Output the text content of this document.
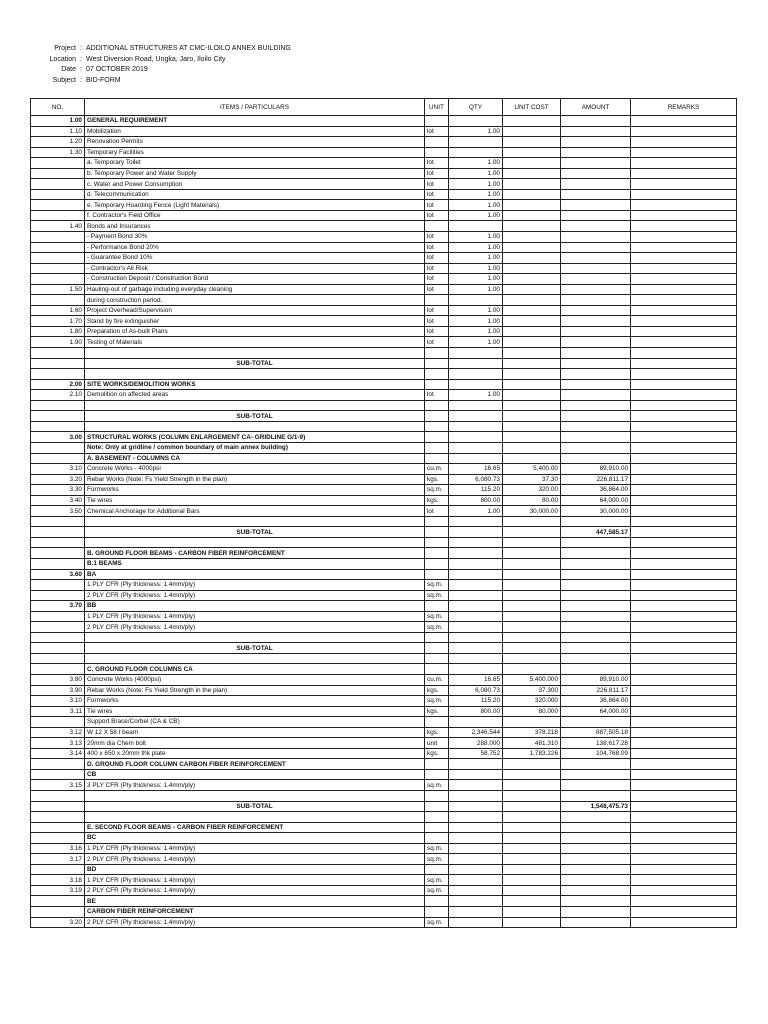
Project : ADDITIONAL STRUCTURES AT CMC-ILOILO ANNEX BUILDING
Location : West Diversion Road, Ungka, Jaro, Iloilo City
Date : 07 OCTOBER 2019
Subject : BID-FORM
NO.	ITEMS / PARTICULARS	UNIT	QTY	UNIT COST	AMOUNT	REMARKS
1.00	GENERAL REQUIREMENT					
1.10	Mobilization	lot	1.00			
1.20	Renovation Permits					
1.30	Temporary Facilities					
	a. Temporary Toilet	lot	1.00			
	b. Temporary Power and Water Supply	lot	1.00			
	c. Water and Power Consumption	lot	1.00			
	d. Telecommunication	lot	1.00			
	e. Temporary Hoarding Fence (Light Materials)	lot	1.00			
	f. Contractor's Field Office	lot	1.00			
1.40	Bonds and Insurances					
	- Payment Bond 30%	lot	1.00			
	- Performance Bond 20%	lot	1.00			
	- Guarantee Bond 10%	lot	1.00			
	- Contractor's All Risk	lot	1.00			
	- Construction Deposit / Construction Bond	lot	1.00			
1.50	Hauling-out of garbage including everyday cleaning	lot	1.00			
	during construction period.					
1.60	Project Overhead/Supervision	lot	1.00			
1.70	Stand by fire extinguisher	lot	1.00			
1.80	Preparation of As-built Plans	lot	1.00			
1.90	Testing of Materials	lot	1.00			

	SUB-TOTAL					

2.00	SITE WORKS/DEMOLITION WORKS					
2.10	Demolition on affected areas	lot	1.00			

	SUB-TOTAL					

3.00	STRUCTURAL WORKS (COLUMN ENLARGEMENT CA- GRIDLINE G/1-9)					
	Note: Only at gridline / common boundary of main annex building)					
	A. BASEMENT - COLUMNS CA					
3.10	Concrete Works - 4000psi	cu.m.	16.65	5,400.00	89,910.00	
3.20	Rebar Works (Note: Fs Yield Strength in the plan)	kgs.	6,080.73	37.30	226,811.17	
3.30	Formworks	sq.m.	115.20	320.00	36,864.00	
3.40	Tie wires	kgs.	800.00	80.00	64,000.00	
3.50	Chemical Anchorage for Additional Bars	lot	1.00	30,000.00	30,000.00	

	SUB-TOTAL				447,585.17	

	B. GROUND FLOOR BEAMS - CARBON FIBER REINFORCEMENT					
	B.1 BEAMS					
3.60	BA					
	1 PLY CFR (Ply thickness: 1.4mm/ply)	sq.m.				
	2 PLY CFR (Ply thickness: 1.4mm/ply)	sq.m.				
3.70	BB					
	1 PLY CFR (Ply thickness: 1.4mm/ply)	sq.m.				
	2 PLY CFR (Ply thickness: 1.4mm/ply)	sq.m.				

	SUB-TOTAL					

	C. GROUND FLOOR COLUMNS CA					
3.80	Concrete Works (4000psi)	cu.m.	16.65	5,400.000	89,910.00	
3.90	Rebar Works (Note: Fs Yield Strength in the plan)	kgs.	6,080.73	37.300	226,811.17	
3.10	Formworks	sq.m.	115.20	320.000	36,864.00	
3.11	Tie wires	kgs.	800.00	80.000	64,000.00	
	Support Brace/Corbel (CA & CB)					
3.12	W 12 X 58 I beam	kgs.	2,346.544	378.218	887,505.18	
3.13	20mm dia Chem bolt	unit	288.000	481.310	138,617.28	
3.14	400 x 650 x 20mm thk plate	kgs.	58.752	1,783.226	104,768.09	
	D. GROUND FLOOR COLUMN CARBON FIBER REINFORCEMENT					
	CB					
3.15	3 PLY CFR (Ply thickness: 1.4mm/ply)	sq.m.				

	SUB-TOTAL				1,548,475.73	

	E. SECOND FLOOR BEAMS - CARBON FIBER REINFORCEMENT					
	BC					
3.16	1 PLY CFR (Ply thickness: 1.4mm/ply)	sq.m.				
3.17	2 PLY CFR (Ply thickness: 1.4mm/ply)	sq.m.				
	BD					
3.18	1 PLY CFR (Ply thickness: 1.4mm/ply)	sq.m.				
3.19	2 PLY CFR (Ply thickness: 1.4mm/ply)	sq.m.				
	BE					
	CARBON FIBER REINFORCEMENT					
3.20	2 PLY CFR (Ply thickness: 1.4mm/ply)	sq.m.				
